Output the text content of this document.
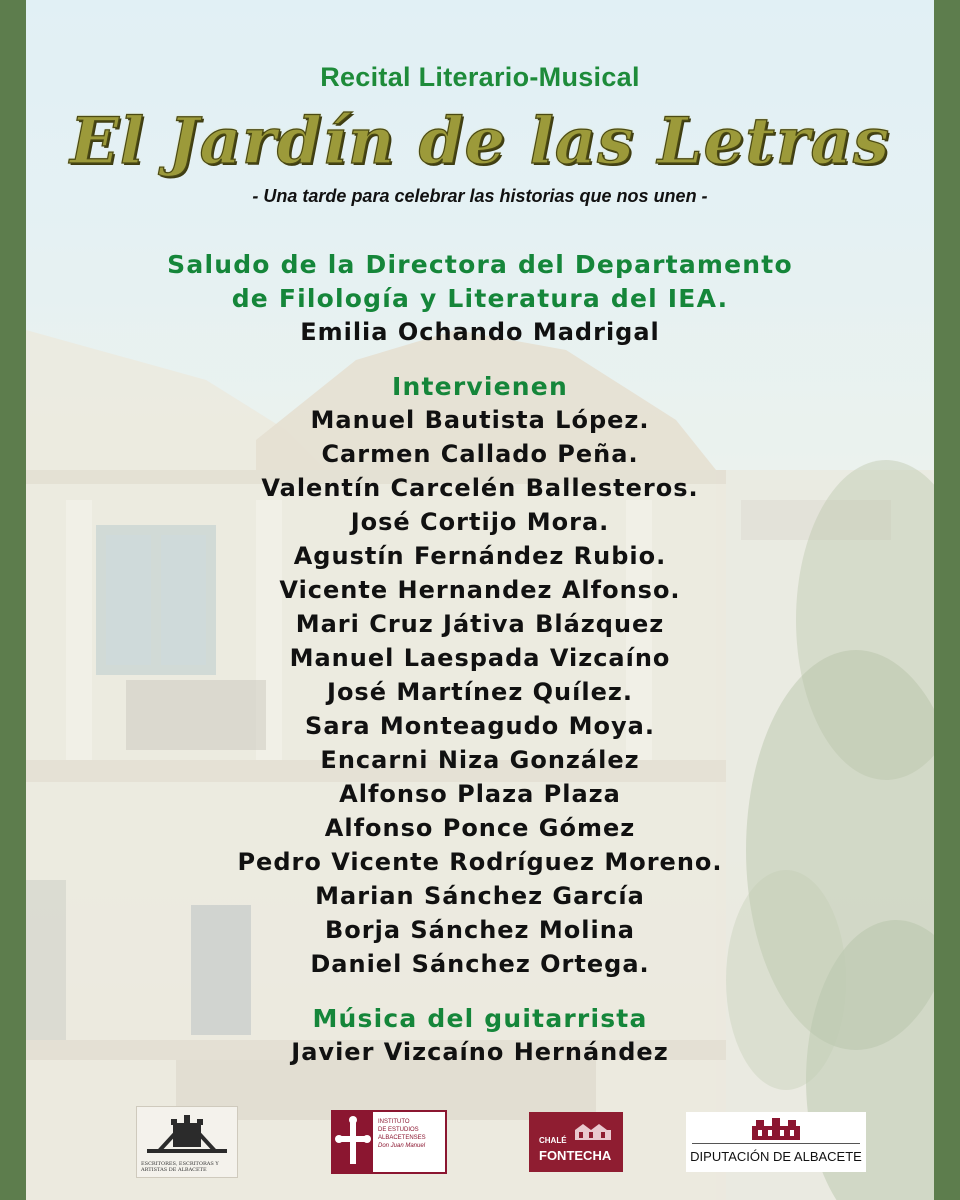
Recital Literario-Musical
El Jardín de las Letras
- Una tarde para celebrar las historias que nos unen -
Saludo de la Directora del Departamento
de Filología y Literatura del IEA.
Emilia Ochando Madrigal
Intervienen
Manuel Bautista López.
Carmen Callado Peña.
Valentín Carcelén Ballesteros.
José Cortijo Mora.
Agustín Fernández Rubio.
Vicente Hernandez Alfonso.
Mari Cruz Játiva Blázquez
Manuel Laespada Vizcaíno
José Martínez Quílez.
Sara Monteagudo Moya.
Encarni Niza González
Alfonso Plaza Plaza
Alfonso Ponce Gómez
Pedro Vicente Rodríguez Moreno.
Marian Sánchez García
Borja Sánchez Molina
Daniel Sánchez Ortega.
Música del guitarrista
Javier Vizcaíno Hernández
ESCRITORES, ESCRITORAS Y ARTISTAS DE ALBACETE
INSTITUTO
DE ESTUDIOS
ALBACETENSES
Don Juan Manuel
CHALÉ
FONTECHA	DIPUTACIÓN DE ALBACETE
